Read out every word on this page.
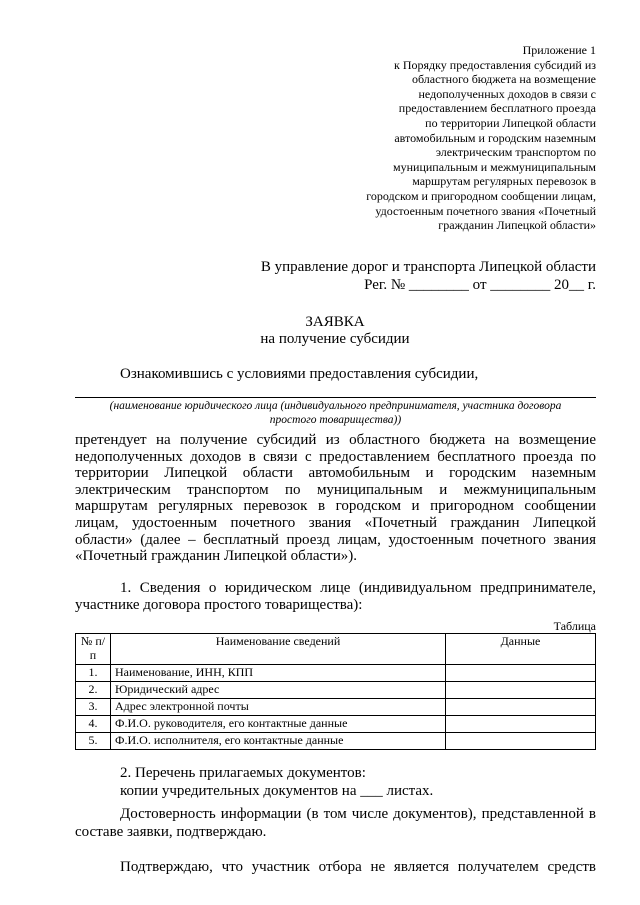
Приложение 1
к Порядку предоставления субсидий из
областного бюджета на возмещение
недополученных доходов в связи с
предоставлением бесплатного проезда
по территории Липецкой области
автомобильным и городским наземным
электрическим транспортом по
муниципальным и межмуниципальным
маршрутам регулярных перевозок в
городском и пригородном сообщении лицам,
удостоенным почетного звания «Почетный
гражданин Липецкой области»
В управление дорог и транспорта Липецкой области
Рег. № ________ от ________ 20__ г.
ЗАЯВКА
на получение субсидии
Ознакомившись с условиями предоставления субсидии,
(наименование юридического лица (индивидуального предпринимателя, участника договора
простого товарищества))
претендует на получение субсидий из областного бюджета на возмещение
недополученных доходов в связи с предоставлением бесплатного проезда по
территории Липецкой области автомобильным и городским наземным
электрическим транспортом по муниципальным и межмуниципальным
маршрутам регулярных перевозок в городском и пригородном сообщении
лицам, удостоенным почетного звания «Почетный гражданин Липецкой
области» (далее – бесплатный проезд лицам, удостоенным почетного звания
«Почетный гражданин Липецкой области»).
1. Сведения о юридическом лице (индивидуальном предпринимателе,
участнике договора простого товарищества):
Таблица
№ п/п	Наименование сведений	Данные
1.	Наименование, ИНН, КПП	
2.	Юридический адрес	
3.	Адрес электронной почты	
4.	Ф.И.О. руководителя, его контактные данные	
5.	Ф.И.О. исполнителя, его контактные данные	
2. Перечень прилагаемых документов:
копии учредительных документов на ___ листах.
Достоверность информации (в том числе документов), представленной в
составе заявки, подтверждаю.
Подтверждаю, что участник отбора не является получателем средств
